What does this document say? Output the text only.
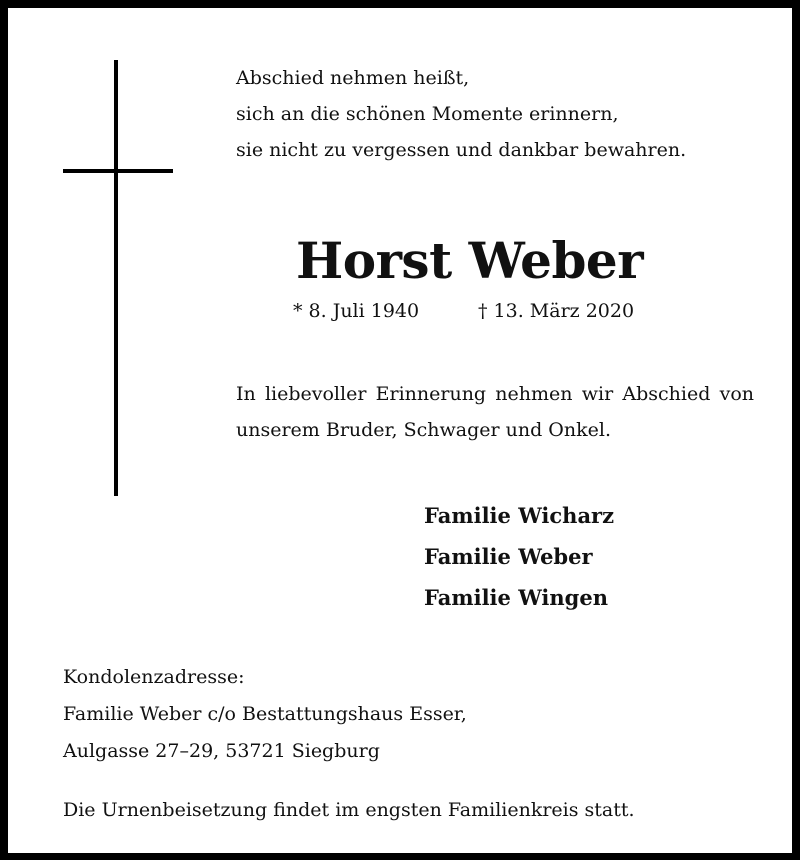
Abschied nehmen heißt,
sich an die schönen Momente erinnern,
sie nicht zu vergessen und dankbar bewahren.
Horst Weber
* 8. Juli 1940	† 13. März 2020
In liebevoller Erinnerung nehmen wir Abschied von
unserem Bruder, Schwager und Onkel.
Familie Wicharz
Familie Weber
Familie Wingen
Kondolenzadresse:
Familie Weber c/o Bestattungshaus Esser,
Aulgasse 27–29, 53721 Siegburg
Die Urnenbeisetzung findet im engsten Familienkreis statt.
